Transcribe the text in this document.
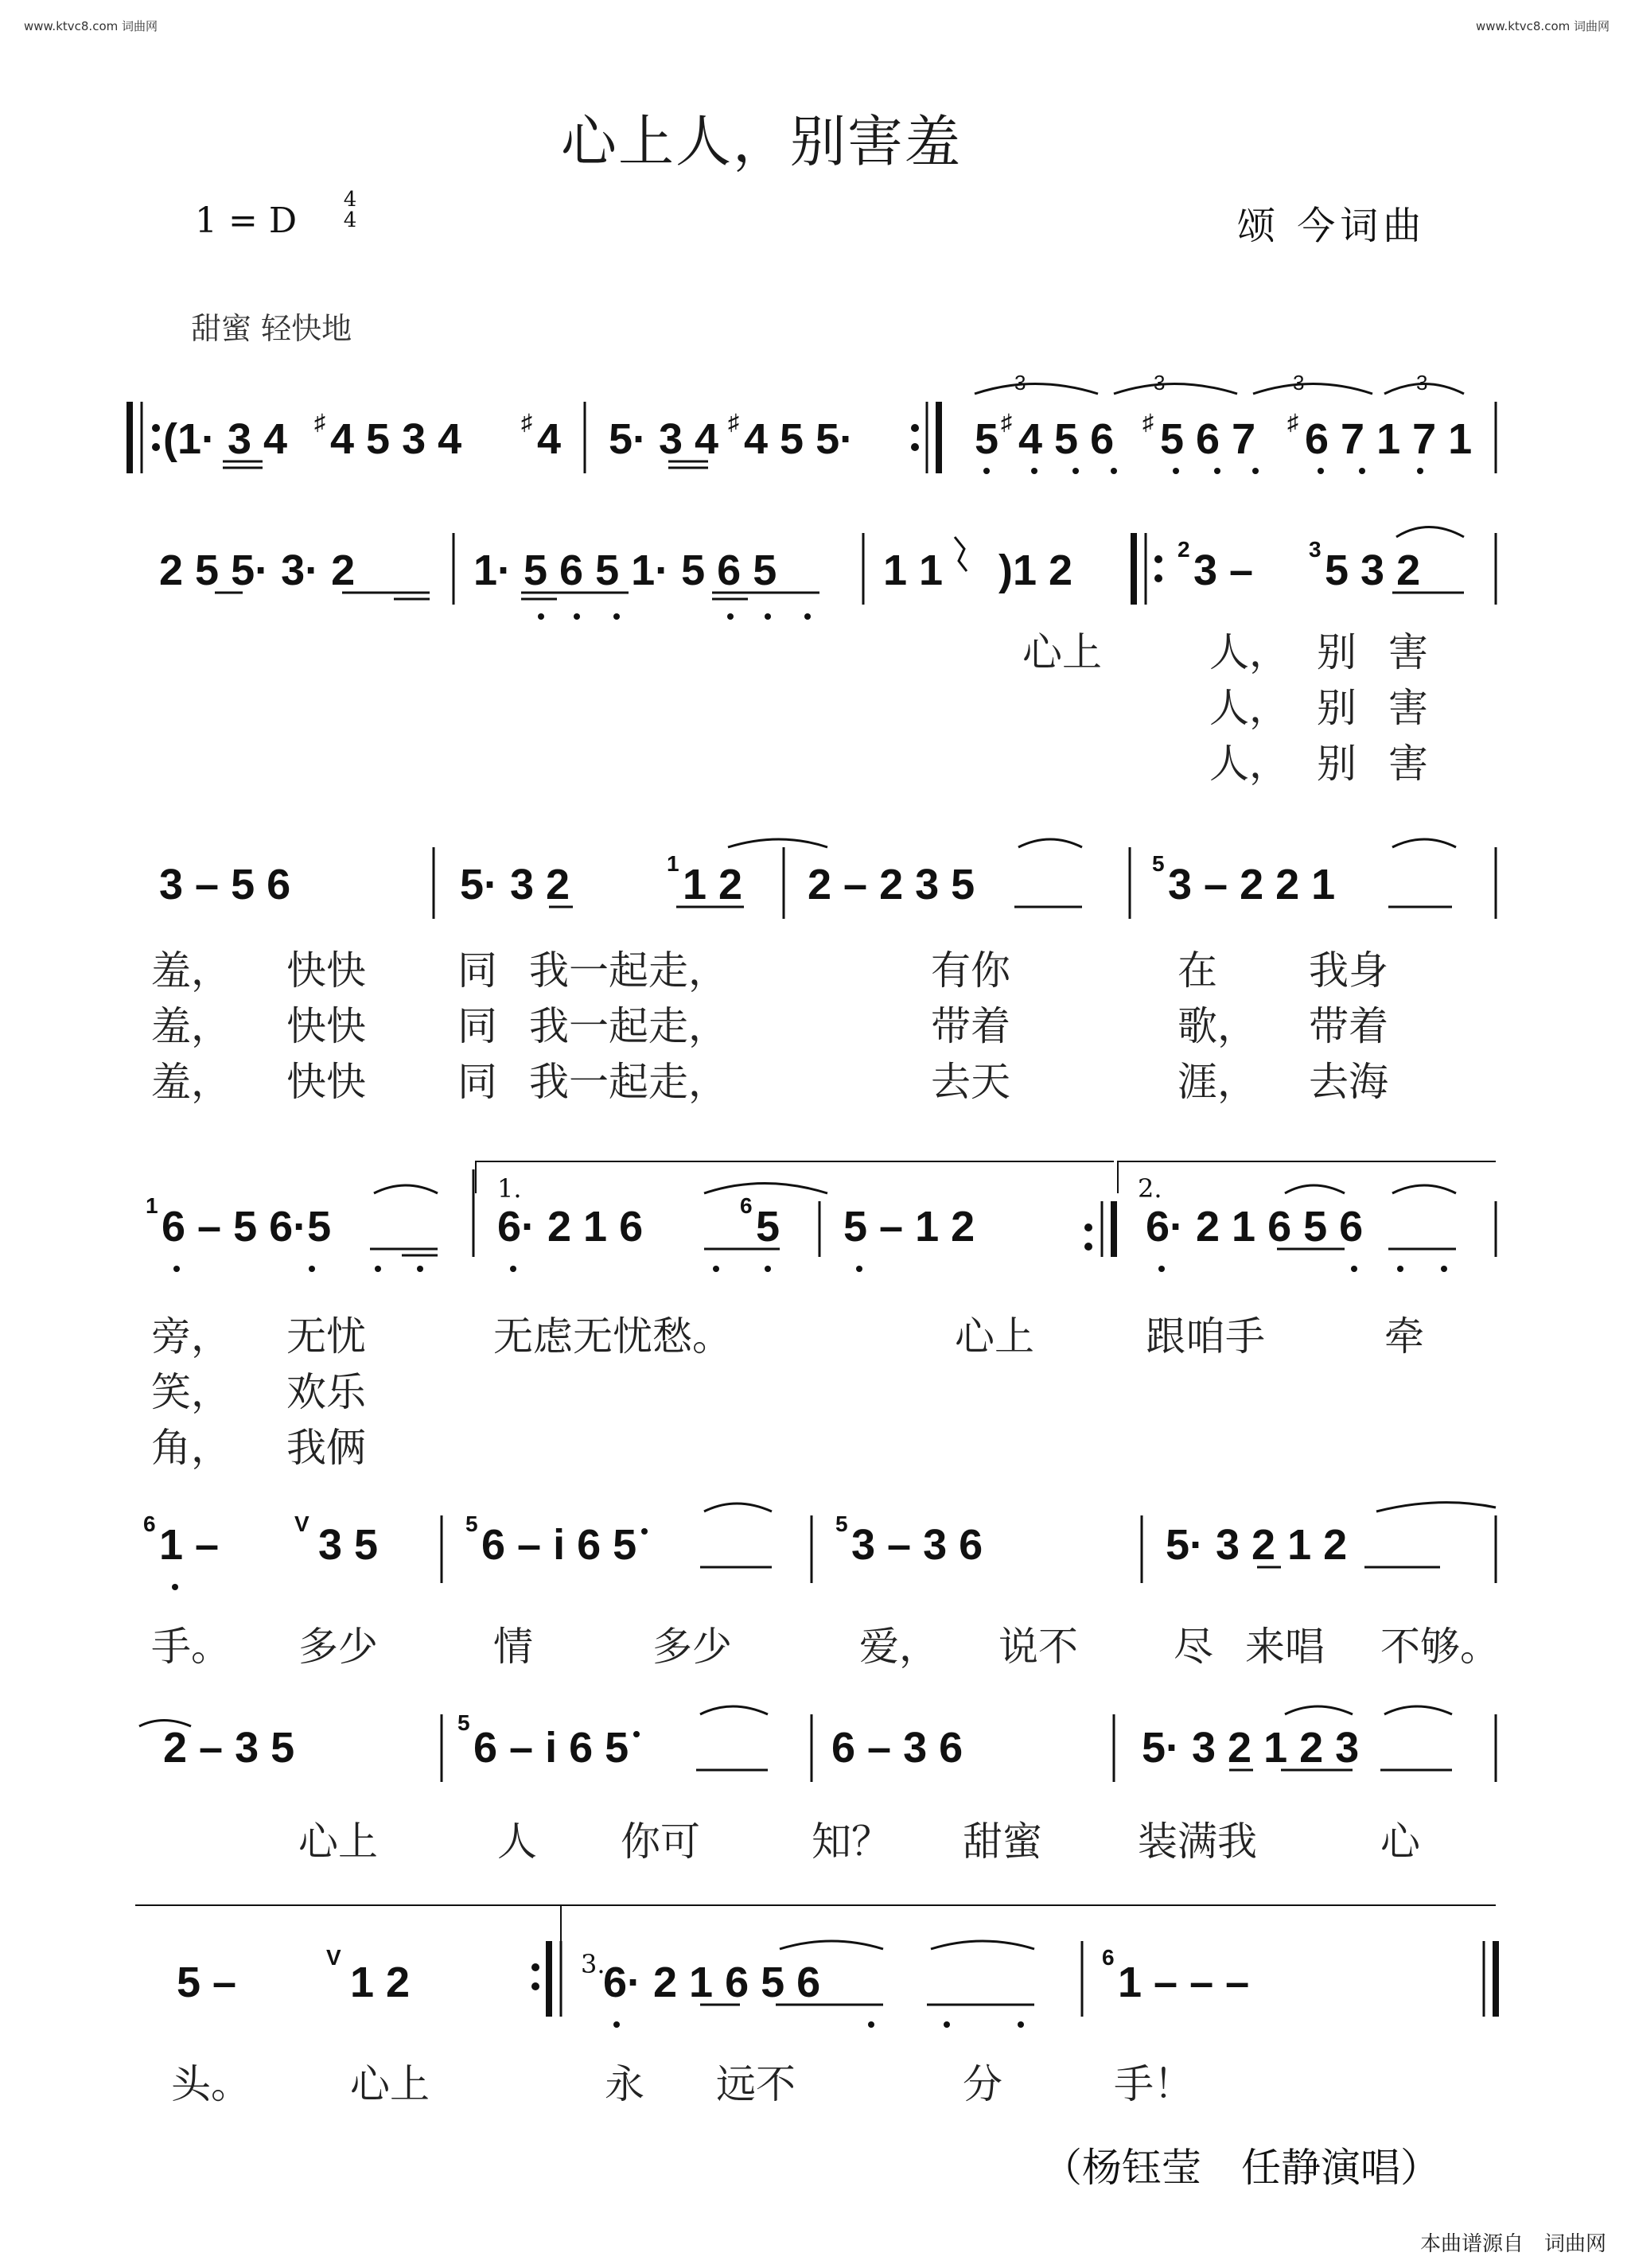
www.ktvc8.com 词曲网	www.ktvc8.com 词曲网
心上人，别害羞
1 = D
4
4	颂 今词曲
甜蜜 轻快地
(1· 3 4 ♯ 4 5 3 4	♯ 4 5· 3 4 ♯ 4 5 5·	5 ♯ 4 5 6 ♯ 5 6 7 ♯ 6 7 1 7 1
3	3	3	3
2 5 5· 3· 2	1· 5 6 5 1· 5 6 5 1 1 )1 2	2 3 – 3 5 3 2
3 – 5 6	5· 3 2	1 1 2 2 – 2 3 5	5 3 – 2 2 1
1 6 – 5 6·5
1.
6· 2 1 6	6 5 5 – 1 2
2.
6· 2 1 6 5 6
6 1 –	V 3 5	5 6 – i 6 5	5 3 – 3 6	5· 3 2 1 2
2 – 3 5
5
6 – i 6 5	6 – 3 6	5· 3 2 1 2 3
5 –
V
1 2	3.
6· 2 1 6 5 6
6
1 – – –
心上	人， 别 害
人， 别 害
人， 别 害
羞， 快快 同 我一起走，	有你	在 我身
羞， 快快 同 我一起走，	带着	歌， 带着
羞， 快快 同 我一起走，	去天	涯， 去海
旁， 无忧	无虑无忧愁。	心上	跟咱手	牵
笑， 欢乐
角， 我俩
手。 多少	情	多少	爱， 说不 尽 来唱 不够。
心上	人 你可	知？ 甜蜜 装满我	心
头。	心上	永 远不	分	手！
（杨钰莹　任静演唱）
本曲谱源自　词曲网
